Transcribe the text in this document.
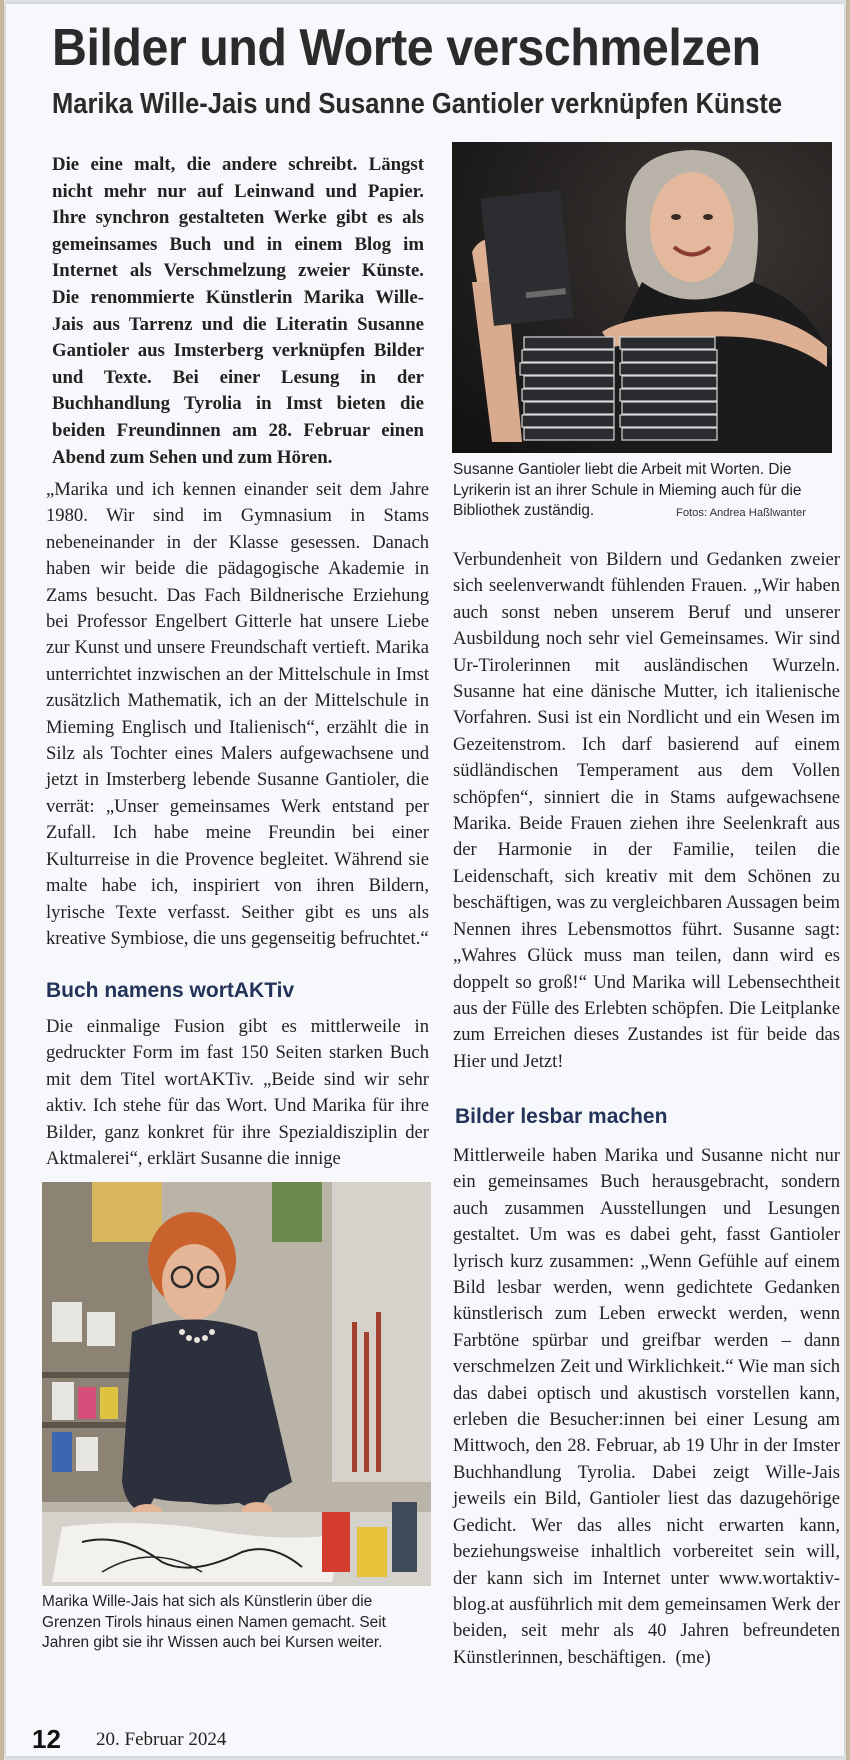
Bilder und Worte verschmelzen
Marika Wille-Jais und Susanne Gantioler verknüpfen Künste

Die eine malt, die andere schreibt. Längst nicht mehr nur auf Leinwand und Papier. Ihre synchron gestalteten Werke gibt es als gemeinsames Buch und in einem Blog im Internet als Verschmelzung zweier Künste. Die renommierte Künstlerin Marika Wille-Jais aus Tarrenz und die Literatin Susanne Gantioler aus Imsterberg verknüpfen Bilder und Texte. Bei einer Lesung in der Buchhandlung Tyrolia in Imst bieten die beiden Freundinnen am 28. Februar einen Abend zum Sehen und zum Hören.

Susanne Gantioler liebt die Arbeit mit Worten. Die Lyrikerin ist an ihrer Schule in Mieming auch für die Bibliothek zuständig.	Fotos: Andrea Haßlwanter

„Marika und ich kennen einander seit dem Jahre 1980. Wir sind im Gymnasium in Stams nebeneinander in der Klasse gesessen. Danach haben wir beide die pädagogische Akademie in Zams besucht. Das Fach Bildnerische Erziehung bei Professor Engelbert Gitterle hat unsere Liebe zur Kunst und unsere Freundschaft vertieft. Marika unterrichtet inzwischen an der Mittelschule in Imst zusätzlich Mathematik, ich an der Mittelschule in Mieming Englisch und Italienisch“, erzählt die in Silz als Tochter eines Malers aufgewachsene und jetzt in Imsterberg lebende Susanne Gantioler, die verrät: „Unser gemeinsames Werk entstand per Zufall. Ich habe meine Freundin bei einer Kulturreise in die Provence begleitet. Während sie malte habe ich, inspiriert von ihren Bildern, lyrische Texte verfasst. Seither gibt es uns als kreative Symbiose, die uns gegenseitig befruchtet.“

Buch namens wortAKTiv

Die einmalige Fusion gibt es mittlerweile in gedruckter Form im fast 150 Seiten starken Buch mit dem Titel wortAKTiv. „Beide sind wir sehr aktiv. Ich stehe für das Wort. Und Marika für ihre Bilder, ganz konkret für ihre Spezialdisziplin der Aktmalerei“, erklärt Susanne die innige

Verbundenheit von Bildern und Gedanken zweier sich seelenverwandt fühlenden Frauen. „Wir haben auch sonst neben unserem Beruf und unserer Ausbildung noch sehr viel Gemeinsames. Wir sind Ur-Tirolerinnen mit ausländischen Wurzeln. Susanne hat eine dänische Mutter, ich italienische Vorfahren. Susi ist ein Nordlicht und ein Wesen im Gezeitenstrom. Ich darf basierend auf einem südländischen Temperament aus dem Vollen schöpfen“, sinniert die in Stams aufgewachsene Marika. Beide Frauen ziehen ihre Seelenkraft aus der Harmonie in der Familie, teilen die Leidenschaft, sich kreativ mit dem Schönen zu beschäftigen, was zu vergleichbaren Aussagen beim Nennen ihres Lebensmottos führt. Susanne sagt: „Wahres Glück muss man teilen, dann wird es doppelt so groß!“ Und Marika will Lebensechtheit aus der Fülle des Erlebten schöpfen. Die Leitplanke zum Erreichen dieses Zustandes ist für beide das Hier und Jetzt!

Bilder lesbar machen

Mittlerweile haben Marika und Susanne nicht nur ein gemeinsames Buch herausgebracht, sondern auch zusammen Ausstellungen und Lesungen gestaltet. Um was es dabei geht, fasst Gantioler lyrisch kurz zusammen: „Wenn Gefühle auf einem Bild lesbar werden, wenn gedichtete Gedanken künstlerisch zum Leben erweckt werden, wenn Farbtöne spürbar und greifbar werden – dann verschmelzen Zeit und Wirklichkeit.“ Wie man sich das dabei optisch und akustisch vorstellen kann, erleben die Besucher:innen bei einer Lesung am Mittwoch, den 28. Februar, ab 19 Uhr in der Imster Buchhandlung Tyrolia. Dabei zeigt Wille-Jais jeweils ein Bild, Gantioler liest das dazugehörige Gedicht. Wer das alles nicht erwarten kann, beziehungsweise inhaltlich vorbereitet sein will, der kann sich im Internet unter www.wortaktiv-blog.at ausführlich mit dem gemeinsamen Werk der beiden, seit mehr als 40 Jahren befreundeten Künstlerinnen, beschäftigen.  (me)

Marika Wille-Jais hat sich als Künstlerin über die Grenzen Tirols hinaus einen Namen gemacht. Seit Jahren gibt sie ihr Wissen auch bei Kursen weiter.

12 20. Februar 2024
